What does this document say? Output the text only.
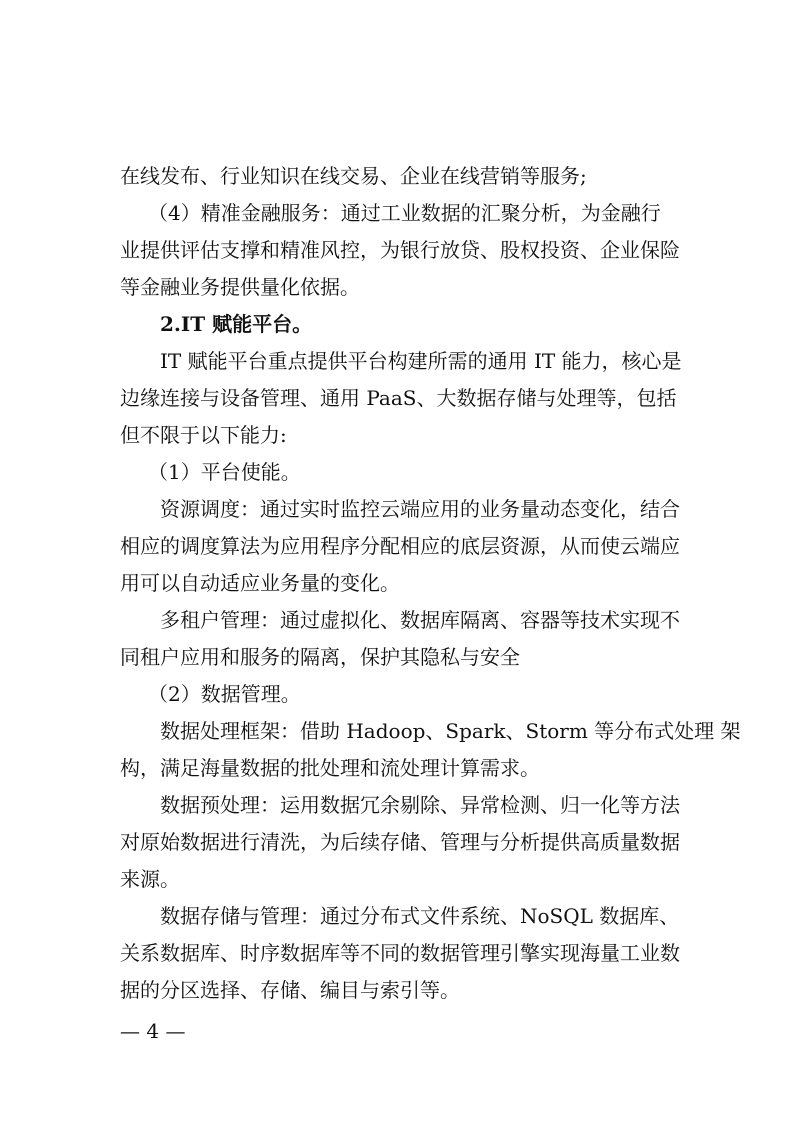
在线发布、行业知识在线交易、企业在线营销等服务;
（4）精准金融服务：通过工业数据的汇聚分析，为金融行
业提供评估支撑和精准风控，为银行放贷、股权投资、企业保险
等金融业务提供量化依据。
2.IT 赋能平台。
IT 赋能平台重点提供平台构建所需的通用 IT 能力，核心是
边缘连接与设备管理、通用 PaaS、大数据存储与处理等，包括
但不限于以下能力:
（1）平台使能。
资源调度：通过实时监控云端应用的业务量动态变化，结合
相应的调度算法为应用程序分配相应的底层资源，从而使云端应
用可以自动适应业务量的变化。
多租户管理：通过虚拟化、数据库隔离、容器等技术实现不
同租户应用和服务的隔离，保护其隐私与安全
（2）数据管理。
数据处理框架：借助 Hadoop、Spark、Storm 等分布式处理 架
构，满足海量数据的批处理和流处理计算需求。
数据预处理：运用数据冗余剔除、异常检测、归一化等方法
对原始数据进行清洗，为后续存储、管理与分析提供高质量数据
来源。
数据存储与管理：通过分布式文件系统、NoSQL 数据库、
关系数据库、时序数据库等不同的数据管理引擎实现海量工业数
据的分区选择、存储、编目与索引等。
— 4 —
